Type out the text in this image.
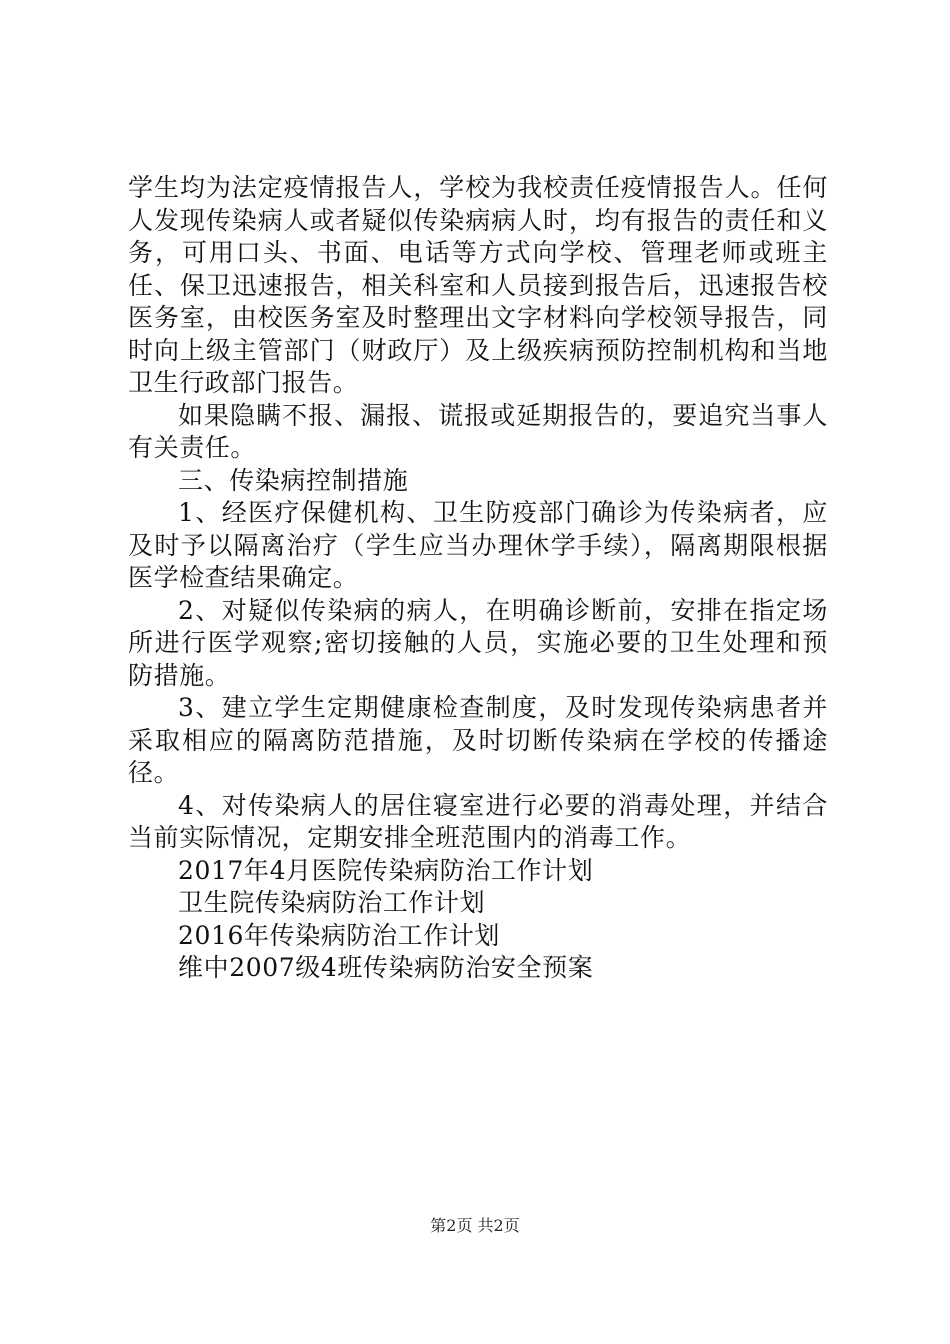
学生均为法定疫情报告人，学校为我校责任疫情报告人。任何人发现传染病人或者疑似传染病病人时，均有报告的责任和义务，可用口头、书面、电话等方式向学校、管理老师或班主任、保卫迅速报告，相关科室和人员接到报告后，迅速报告校医务室，由校医务室及时整理出文字材料向学校领导报告，同时向上级主管部门（财政厅）及上级疾病预防控制机构和当地卫生行政部门报告。

如果隐瞒不报、漏报、谎报或延期报告的，要追究当事人有关责任。

三、传染病控制措施

1、经医疗保健机构、卫生防疫部门确诊为传染病者，应及时予以隔离治疗（学生应当办理休学手续），隔离期限根据医学检查结果确定。

2、对疑似传染病的病人，在明确诊断前，安排在指定场所进行医学观察;密切接触的人员，实施必要的卫生处理和预防措施。

3、建立学生定期健康检查制度，及时发现传染病患者并采取相应的隔离防范措施，及时切断传染病在学校的传播途径。

4、对传染病人的居住寝室进行必要的消毒处理，并结合当前实际情况，定期安排全班范围内的消毒工作。

2017年4月医院传染病防治工作计划

卫生院传染病防治工作计划

2016年传染病防治工作计划

维中2007级4班传染病防治安全预案

第2页 共2页
